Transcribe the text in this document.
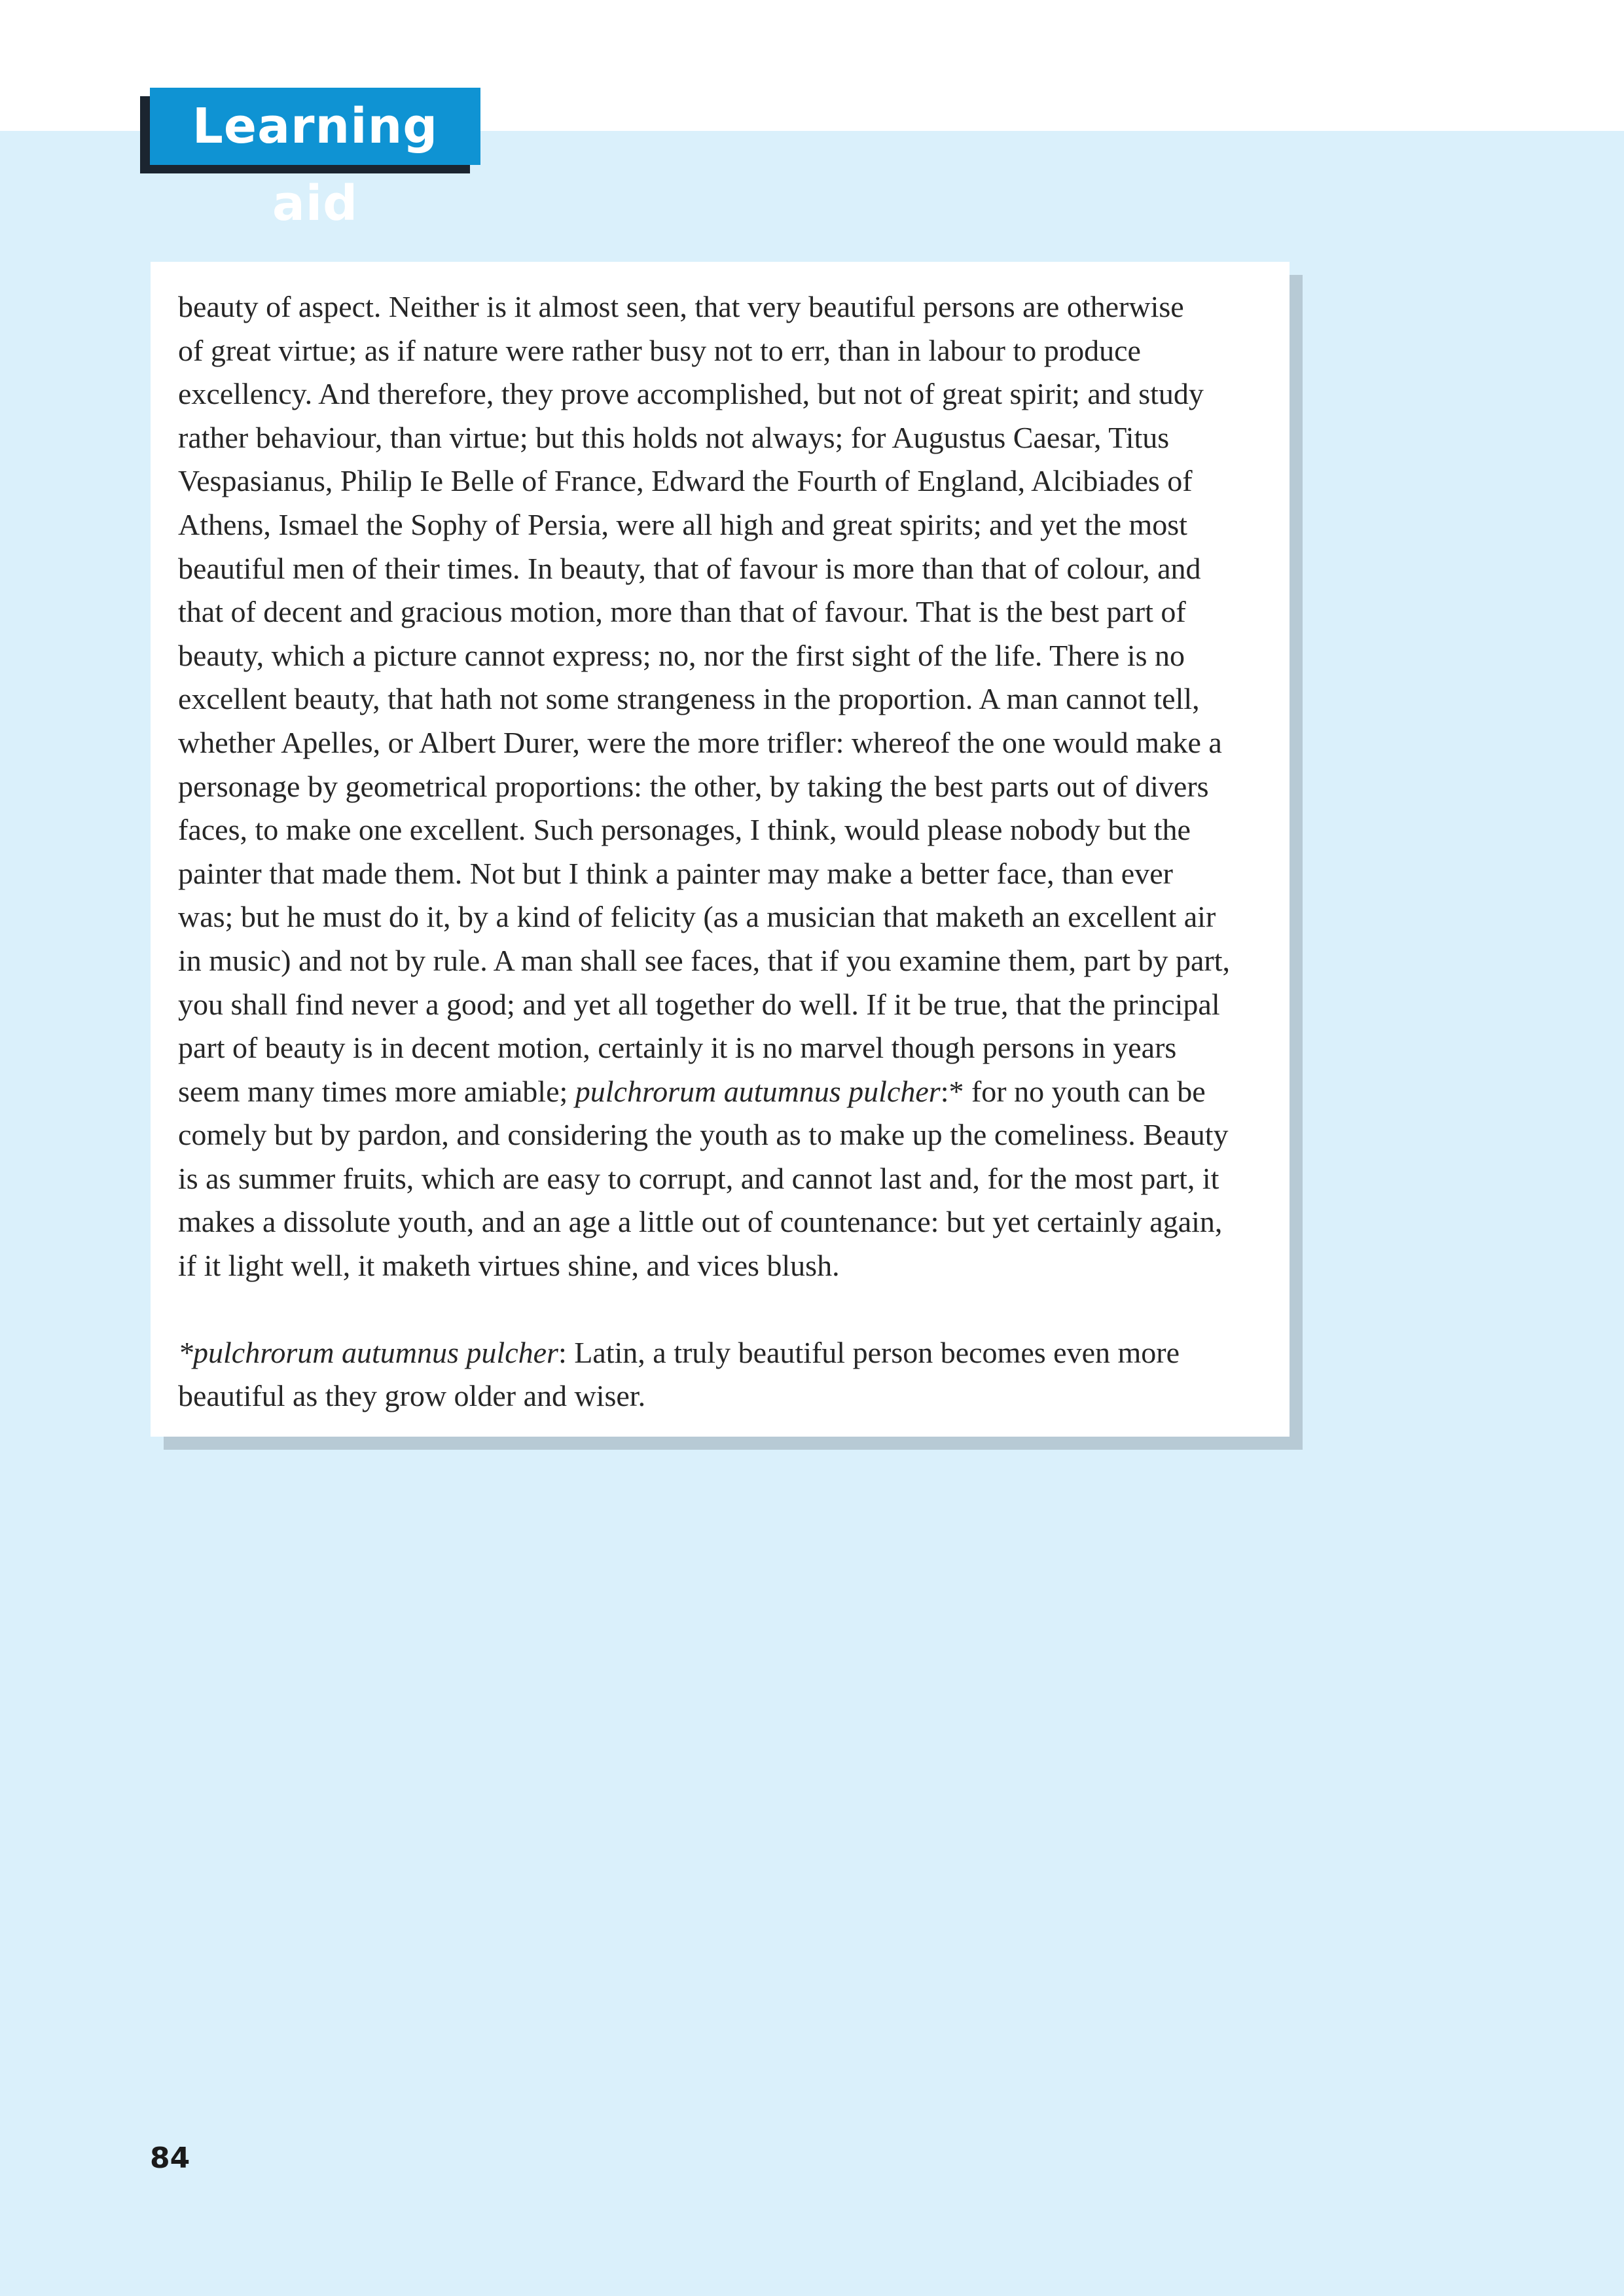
Learning aid

beauty of aspect. Neither is it almost seen, that very beautiful persons are otherwise
of great virtue; as if nature were rather busy not to err, than in labour to produce
excellency. And therefore, they prove accomplished, but not of great spirit; and study
rather behaviour, than virtue; but this holds not always; for Augustus Caesar, Titus
Vespasianus, Philip Ie Belle of France, Edward the Fourth of England, Alcibiades of
Athens, Ismael the Sophy of Persia, were all high and great spirits; and yet the most
beautiful men of their times. In beauty, that of favour is more than that of colour, and
that of decent and gracious motion, more than that of favour. That is the best part of
beauty, which a picture cannot express; no, nor the first sight of the life. There is no
excellent beauty, that hath not some strangeness in the proportion. A man cannot tell,
whether Apelles, or Albert Durer, were the more trifler: whereof the one would make a
personage by geometrical proportions: the other, by taking the best parts out of divers
faces, to make one excellent. Such personages, I think, would please nobody but the
painter that made them. Not but I think a painter may make a better face, than ever
was; but he must do it, by a kind of felicity (as a musician that maketh an excellent air
in music) and not by rule. A man shall see faces, that if you examine them, part by part,
you shall find never a good; and yet all together do well. If it be true, that the principal
part of beauty is in decent motion, certainly it is no marvel though persons in years
seem many times more amiable; pulchrorum autumnus pulcher:* for no youth can be
comely but by pardon, and considering the youth as to make up the comeliness. Beauty
is as summer fruits, which are easy to corrupt, and cannot last and, for the most part, it
makes a dissolute youth, and an age a little out of countenance: but yet certainly again,
if it light well, it maketh virtues shine, and vices blush.

*pulchrorum autumnus pulcher: Latin, a truly beautiful person becomes even more
beautiful as they grow older and wiser.

84
